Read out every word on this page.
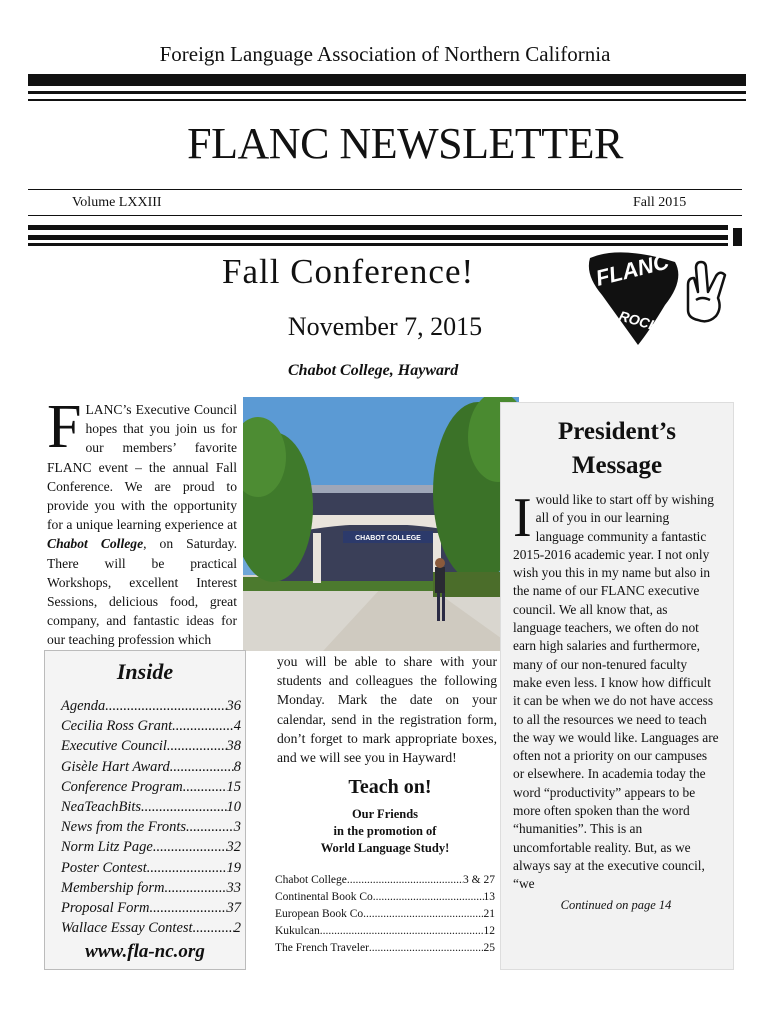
Foreign Language Association of Northern California
FLANC NEWSLETTER
Volume LXXIII	Fall 2015
Fall Conference!	FLANC
ROCKS!
November 7, 2015
Chabot College, Hayward
FLANC’s Executive Council hopes that you join us for our members’ favorite FLANC event – the annual Fall Conference. We are proud to provide you with the opportunity for a unique learning experience at Chabot College, on Saturday. There will be practical Workshops, excellent Interest Sessions, delicious food, great company, and fantastic ideas for our teaching profession which
CHABOT COLLEGE
you will be able to share with your students and colleagues the following Monday. Mark the date on your calendar, send in the registration form, don’t forget to mark appropriate boxes, and we will see you in Hayward!
Teach on!
Our Friends
in the promotion of
World Language Study!
Chabot College .....	3 & 27
Continental Book Co .....	13
European Book Co .....	21
Kukulcan .....	12
The French Traveler .....	25
Inside
Agenda .....	36
Cecilia Ross Grant .....	4
Executive Council .....	38
Gisèle Hart Award .....	8
Conference Program .....	15
NeaTeachBits .....	10
News from the Fronts .....	3
Norm Litz Page .....	32
Poster Contest .....	19
Membership form .....	33
Proposal Form .....	37
Wallace Essay Contest .....	2
www.fla-nc.org
President’s
Message
I would like to start off by wishing all of you in our learning language community a fantastic 2015-2016 academic year. I not only wish you this in my name but also in the name of our FLANC executive council. We all know that, as language teachers, we often do not earn high salaries and furthermore, many of our non-tenured faculty make even less. I know how difficult it can be when we do not have access to all the resources we need to teach the way we would like. Languages are often not a priority on our campuses or elsewhere. In academia today the word “productivity” appears to be more often spoken than the word “humanities”. This is an uncomfortable reality. But, as we always say at the executive council, “we
Continued on page 14
